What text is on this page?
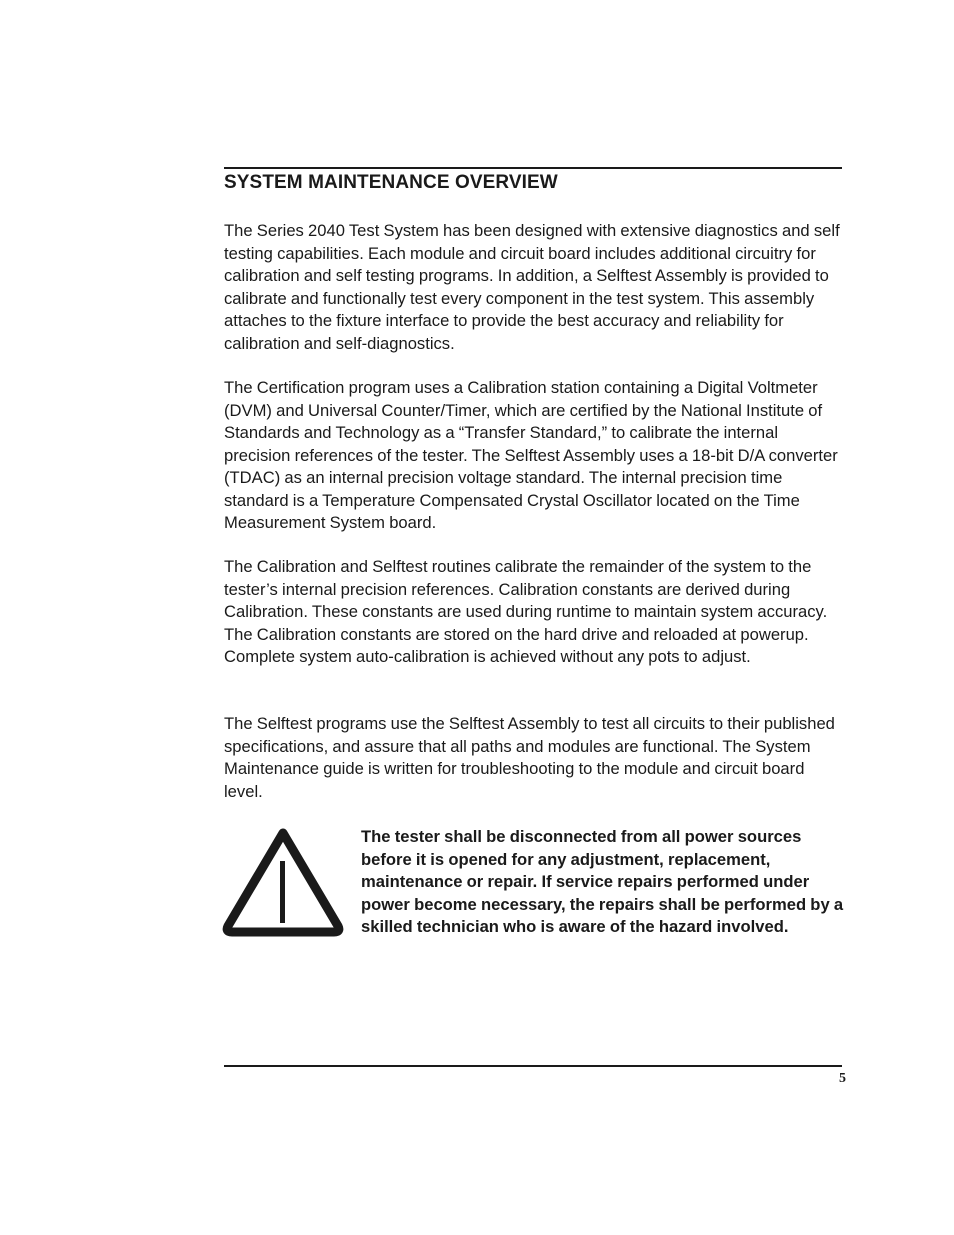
SYSTEM MAINTENANCE OVERVIEW

The Series 2040 Test System has been designed with extensive diagnostics and self testing capabilities. Each module and circuit board includes additional circuitry for calibration and self testing programs. In addition, a Selftest Assembly is provided to calibrate and functionally test every component in the test system. This assembly attaches to the fixture interface to provide the best accuracy and reliability for calibration and self-diagnostics.

The Certification program uses a Calibration station containing a Digital Voltmeter (DVM) and Universal Counter/Timer, which are certified by the National Institute of Standards and Technology as a “Transfer Standard,” to calibrate the internal precision references of the tester. The Selftest Assembly uses a 18-bit D/A converter (TDAC) as an internal precision voltage standard. The internal precision time standard is a Temperature Compensated Crystal Oscillator located on the Time Measurement System board.

The Calibration and Selftest routines calibrate the remainder of the system to the tester’s internal precision references. Calibration constants are derived during Calibration. These constants are used during runtime to maintain system accuracy. The Calibration constants are stored on the hard drive and reloaded at powerup. Complete system auto-calibration is achieved without any pots to adjust.

The Selftest programs use the Selftest Assembly to test all circuits to their published specifications, and assure that all paths and modules are functional. The System Maintenance guide is written for troubleshooting to the module and circuit board level.

The tester shall be disconnected from all power sources before it is opened for any adjustment, replacement, maintenance or repair. If service repairs performed under power become necessary, the repairs shall be performed by a skilled technician who is aware of the hazard involved.

5
